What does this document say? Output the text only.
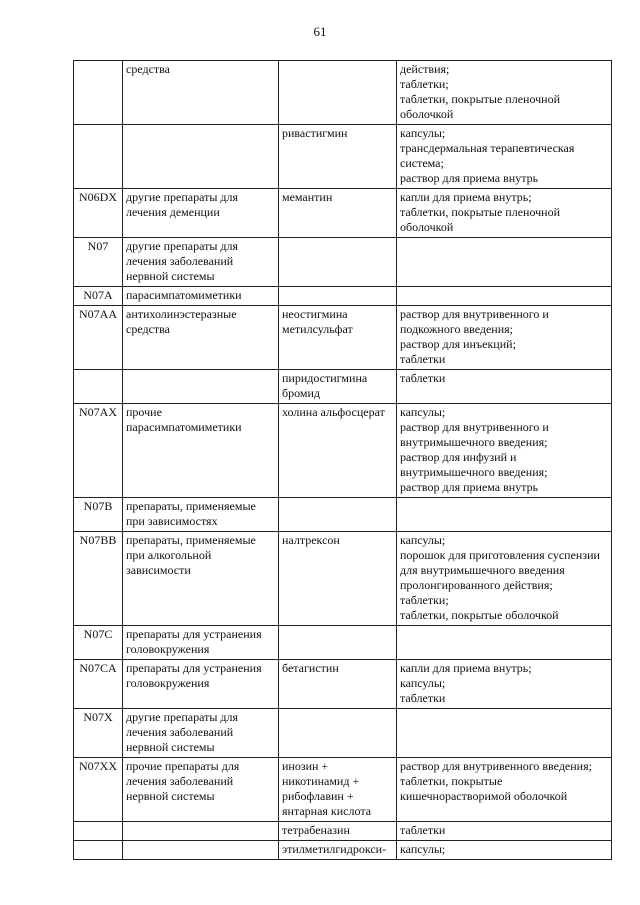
61
	средства		действия;
таблетки;
таблетки, покрытые пленочной оболочкой
		ривастигмин	капсулы;
трансдермальная терапевтическая система;
раствор для приема внутрь
N06DX	другие препараты для лечения деменции	мемантин	капли для приема внутрь;
таблетки, покрытые пленочной оболочкой
N07	другие препараты для лечения заболеваний нервной системы		
N07A	парасимпатомиметики		
N07AA	антихолинэстеразные средства	неостигмина метилсульфат	раствор для внутривенного и подкожного введения;
раствор для инъекций;
таблетки
		пиридостигмина бромид	таблетки
N07AX	прочие парасимпатомиметики	холина альфосцерат	капсулы;
раствор для внутривенного и внутримышечного введения;
раствор для инфузий и внутримышечного введения;
раствор для приема внутрь
N07B	препараты, применяемые при зависимостях		
N07BB	препараты, применяемые при алкогольной зависимости	налтрексон	капсулы;
порошок для приготовления суспензии для внутримышечного введения пролонгированного действия;
таблетки;
таблетки, покрытые оболочкой
N07C	препараты для устранения головокружения		
N07CA	препараты для устранения головокружения	бетагистин	капли для приема внутрь;
капсулы;
таблетки
N07X	другие препараты для лечения заболеваний нервной системы		
N07XX	прочие препараты для лечения заболеваний нервной системы	инозин + никотинамид + рибофлавин + янтарная кислота	раствор для внутривенного введения;
таблетки, покрытые кишечнорастворимой оболочкой
		тетрабеназин	таблетки
		этилметилгидрокси-	капсулы;
